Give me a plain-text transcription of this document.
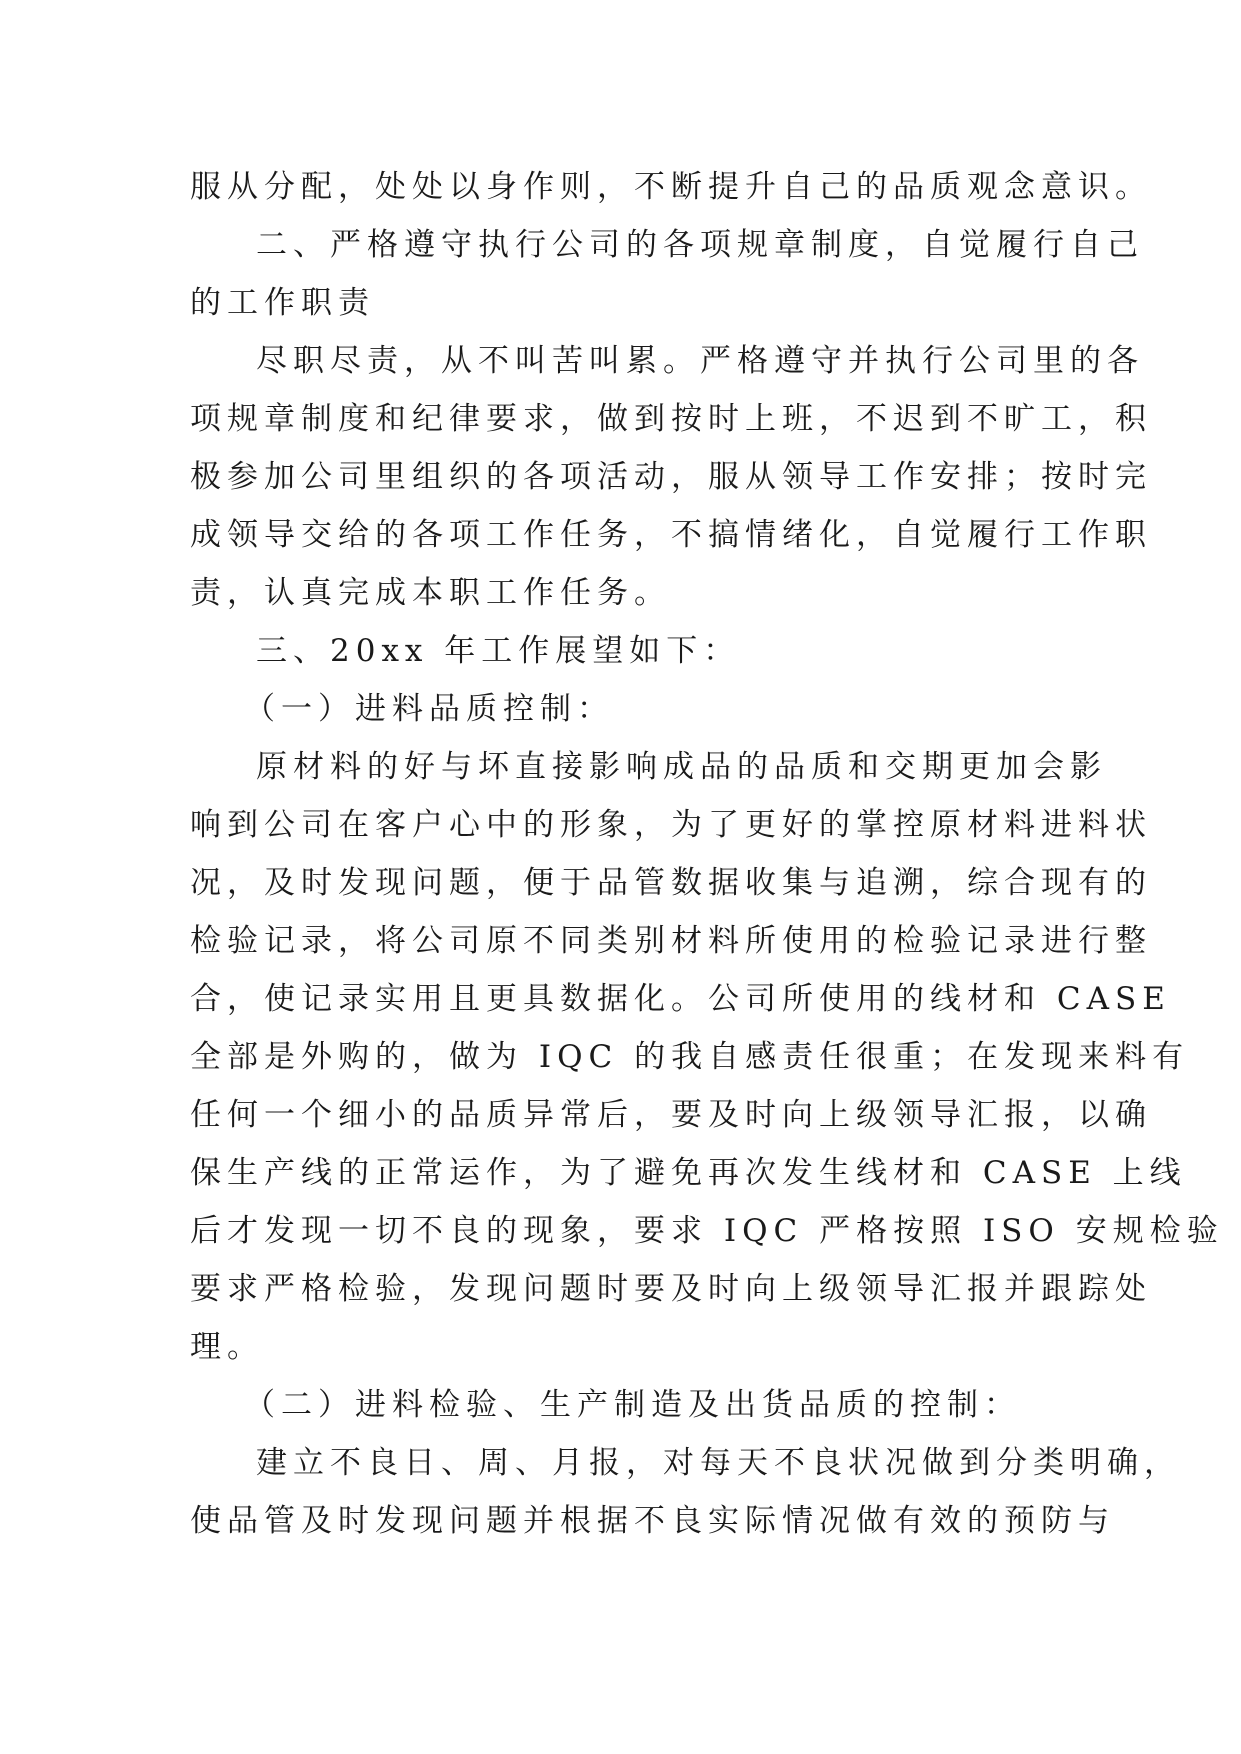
服从分配，处处以身作则，不断提升自己的品质观念意识。
二、严格遵守执行公司的各项规章制度，自觉履行自己
的工作职责
尽职尽责，从不叫苦叫累。严格遵守并执行公司里的各
项规章制度和纪律要求，做到按时上班，不迟到不旷工，积
极参加公司里组织的各项活动，服从领导工作安排；按时完
成领导交给的各项工作任务，不搞情绪化，自觉履行工作职
责，认真完成本职工作任务。
三、20xx 年工作展望如下：
（一）进料品质控制：
原材料的好与坏直接影响成品的品质和交期更加会影
响到公司在客户心中的形象，为了更好的掌控原材料进料状
况，及时发现问题，便于品管数据收集与追溯，综合现有的
检验记录，将公司原不同类别材料所使用的检验记录进行整
合，使记录实用且更具数据化。公司所使用的线材和 CASE
全部是外购的，做为 IQC 的我自感责任很重；在发现来料有
任何一个细小的品质异常后，要及时向上级领导汇报，以确
保生产线的正常运作，为了避免再次发生线材和 CASE 上线
后才发现一切不良的现象，要求 IQC 严格按照 ISO 安规检验
要求严格检验，发现问题时要及时向上级领导汇报并跟踪处
理。
（二）进料检验、生产制造及出货品质的控制：
建立不良日、周、月报，对每天不良状况做到分类明确，
使品管及时发现问题并根据不良实际情况做有效的预防与
